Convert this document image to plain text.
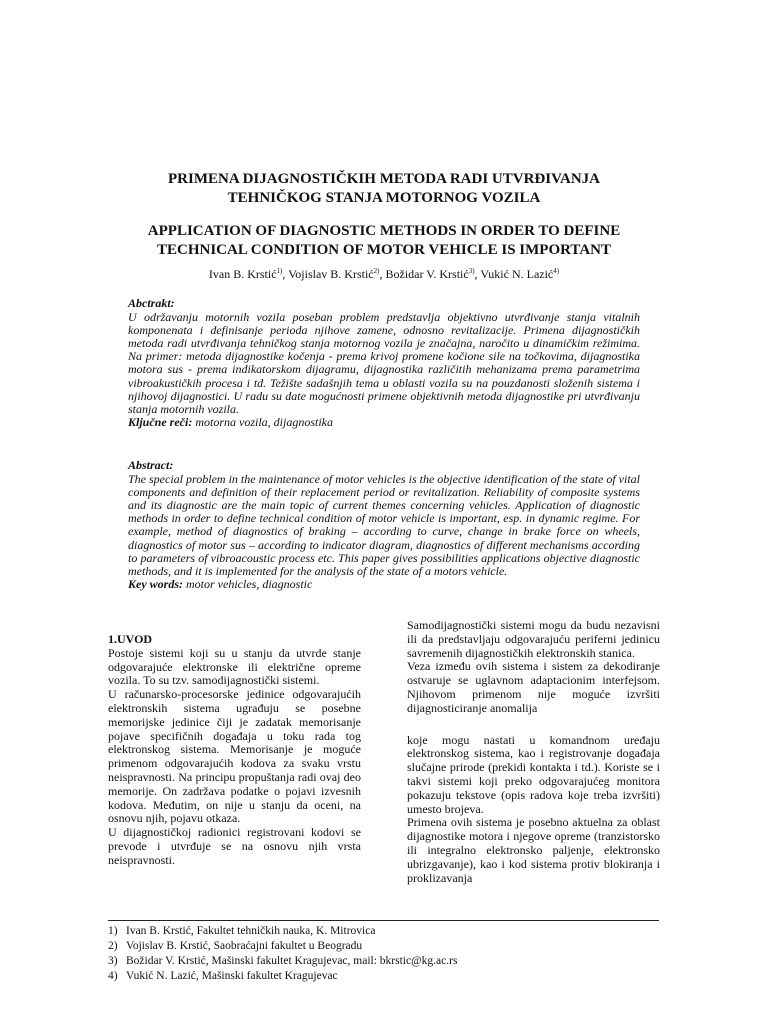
PRIMENA DIJAGNOSTIČKIH METODA RADI UTVRĐIVANJA
TEHNIČKOG STANJA MOTORNOG VOZILA
APPLICATION OF DIAGNOSTIC METHODS IN ORDER TO DEFINE
TECHNICAL CONDITION OF MOTOR VEHICLE IS IMPORTANT
Ivan B. Krstić$^{1)}$, Vojislav B. Krstić$^{2)}$, Božidar V. Krstić$^{3)}$, Vukić N. Lazić$^{4)}$
Abctrakt:
U održavanju motornih vozila poseban problem predstavlja objektivno utvrđivanje stanja vitalnih komponenata i definisanje perioda njihove zamene, odnosno revitalizacije. Primena dijagnostičkih metoda radi utvrđivanja tehničkog stanja motornog vozila je značajna, naročito u dinamičkim režimima. Na primer: metoda dijagnostike kočenja - prema krivoj promene kočione sile na točkovima, dijagnostika motora sus - prema indikatorskom dijagramu, dijagnostika različitih mehanizama prema parametrima vibroakustičkih procesa i td. Težište sadašnjih tema u oblasti vozila su na pouzdanosti složenih sistema i njihovoj dijagnostici. U radu su date mogućnosti primene objektivnih metoda dijagnostike pri utvrđivanju stanja motornih vozila.
Ključne reči: motorna vozila, dijagnostika
Abstract:
The special problem in the maintenance of motor vehicles is the objective identification of the state of vital components and definition of their replacement period or revitalization. Reliability of composite systems and its diagnostic are the main topic of current themes concerning vehicles. Application of diagnostic methods in order to define technical condition of motor vehicle is important, esp. in dynamic regime. For example, method of diagnostics of braking – according to curve, change in brake force on wheels, diagnostics of motor sus – according to indicator diagram, diagnostics of different mechanisms according to parameters of vibroacoustic process etc. This paper gives possibilities applications objective diagnostic methods, and it is implemented for the analysis of the state of a motors vehicle.
Key words: motor vehicles, diagnostic

1.UVOD

Postoje sistemi koji su u stanju da utvrde stanje odgovarajuće elektronske ili električne opreme vozila. To su tzv. samodijagnostički sistemi.

U računarsko-procesorske jedinice odgovarajućih elektronskih sistema ugrađuju se posebne memorijske jedinice čiji je zadatak memorisanje pojave specifičnih događaja u toku rada tog elektronskog sistema. Memorisanje je moguće primenom odgovarajućih kodova za svaku vrstu neispravnosti. Na principu propuštanja radi ovaj deo memorije. On zadržava podatke o pojavi izvesnih kodova. Međutim, on nije u stanju da oceni, na osnovu njih, pojavu otkaza.

U dijagnostičkoj radionici registrovani kodovi se prevode i utvrđuje se na osnovu njih vrsta neispravnosti.

Samodijagnostički sistemi mogu da budu nezavisni ili da predstavljaju odgovarajuću periferni jedinicu savremenih dijagnostičkih elektronskih stanica.

Veza između ovih sistema i sistem za dekodiranje ostvaruje se uglavnom adaptacionim interfejsom. Njihovom primenom nije moguće izvršiti dijagnosticiranje anomalija

koje mogu nastati u komandnom uređaju elektronskog sistema, kao i registrovanje događaja slučajne prirode (prekidi kontakta i td.). Koriste se i takvi sistemi koji preko odgovarajućeg monitora pokazuju tekstove (opis radova koje treba izvršiti) umesto brojeva.

Primena ovih sistema je posebno aktuelna za oblast dijagnostike motora i njegove opreme (tranzistorsko ili integralno elektronsko paljenje, elektronsko ubrizgavanje), kao i kod sistema protiv blokiranja i proklizavanja

1) Ivan B. Krstić, Fakultet tehničkih nauka, K. Mitrovica
2) Vojislav B. Krstić, Saobraćajni fakultet u Beogradu
3) Božidar V. Krstić, Mašinski fakultet Kragujevac, mail: bkrstic@kg.ac.rs
4) Vukić N. Lazić, Mašinski fakultet Kragujevac
